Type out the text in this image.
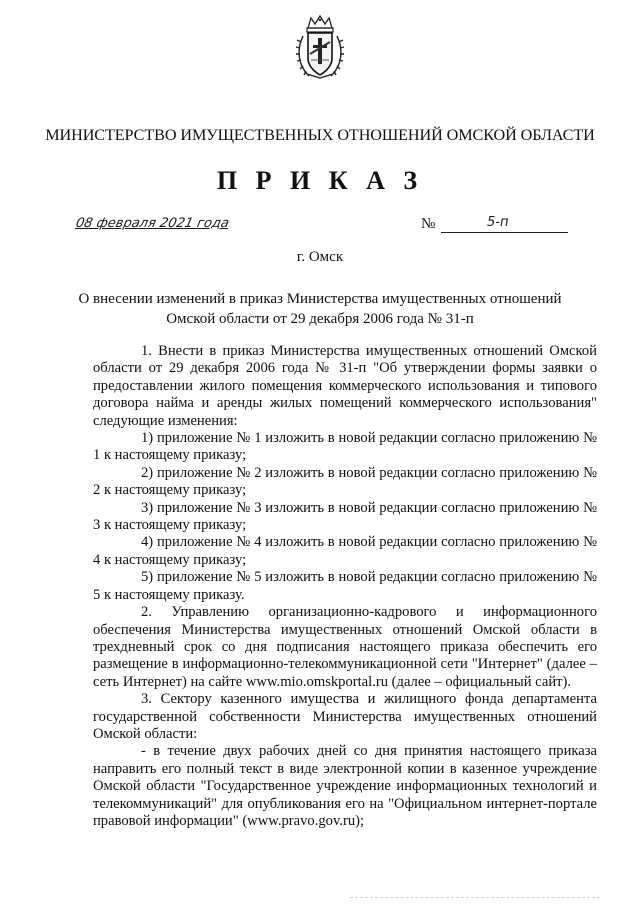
МИНИСТЕРСТВО ИМУЩЕСТВЕННЫХ ОТНОШЕНИЙ ОМСКОЙ ОБЛАСТИ
П Р И К А З
08 февраля 2021 года	№	5-п
г. Омск
О внесении изменений в приказ Министерства имущественных отношений Омской области от 29 декабря 2006 года № 31-п

1. Внести в приказ Министерства имущественных отношений Омской области от 29 декабря 2006 года № 31-п "Об утверждении формы заявки о предоставлении жилого помещения коммерческого использования и типового договора найма и аренды жилых помещений коммерческого использования" следующие изменения:

1) приложение № 1 изложить в новой редакции согласно приложению № 1 к настоящему приказу;

2) приложение № 2 изложить в новой редакции согласно приложению № 2 к настоящему приказу;

3) приложение № 3 изложить в новой редакции согласно приложению № 3 к настоящему приказу;

4) приложение № 4 изложить в новой редакции согласно приложению № 4 к настоящему приказу;

5) приложение № 5 изложить в новой редакции согласно приложению № 5 к настоящему приказу.

2. Управлению организационно-кадрового и информационного обеспечения Министерства имущественных отношений Омской области в трехдневный срок со дня подписания настоящего приказа обеспечить его размещение в информационно-телекоммуникационной сети "Интернет" (далее – сеть Интернет) на сайте www.mio.omskportal.ru (далее – официальный сайт).

3. Сектору казенного имущества и жилищного фонда департамента государственной собственности Министерства имущественных отношений Омской области:

- в течение двух рабочих дней со дня принятия настоящего приказа направить его полный текст в виде электронной копии в казенное учреждение Омской области "Государственное учреждение информационных технологий и телекоммуникаций" для опубликования его на "Официальном интернет-портале правовой информации" (www.pravo.gov.ru);
